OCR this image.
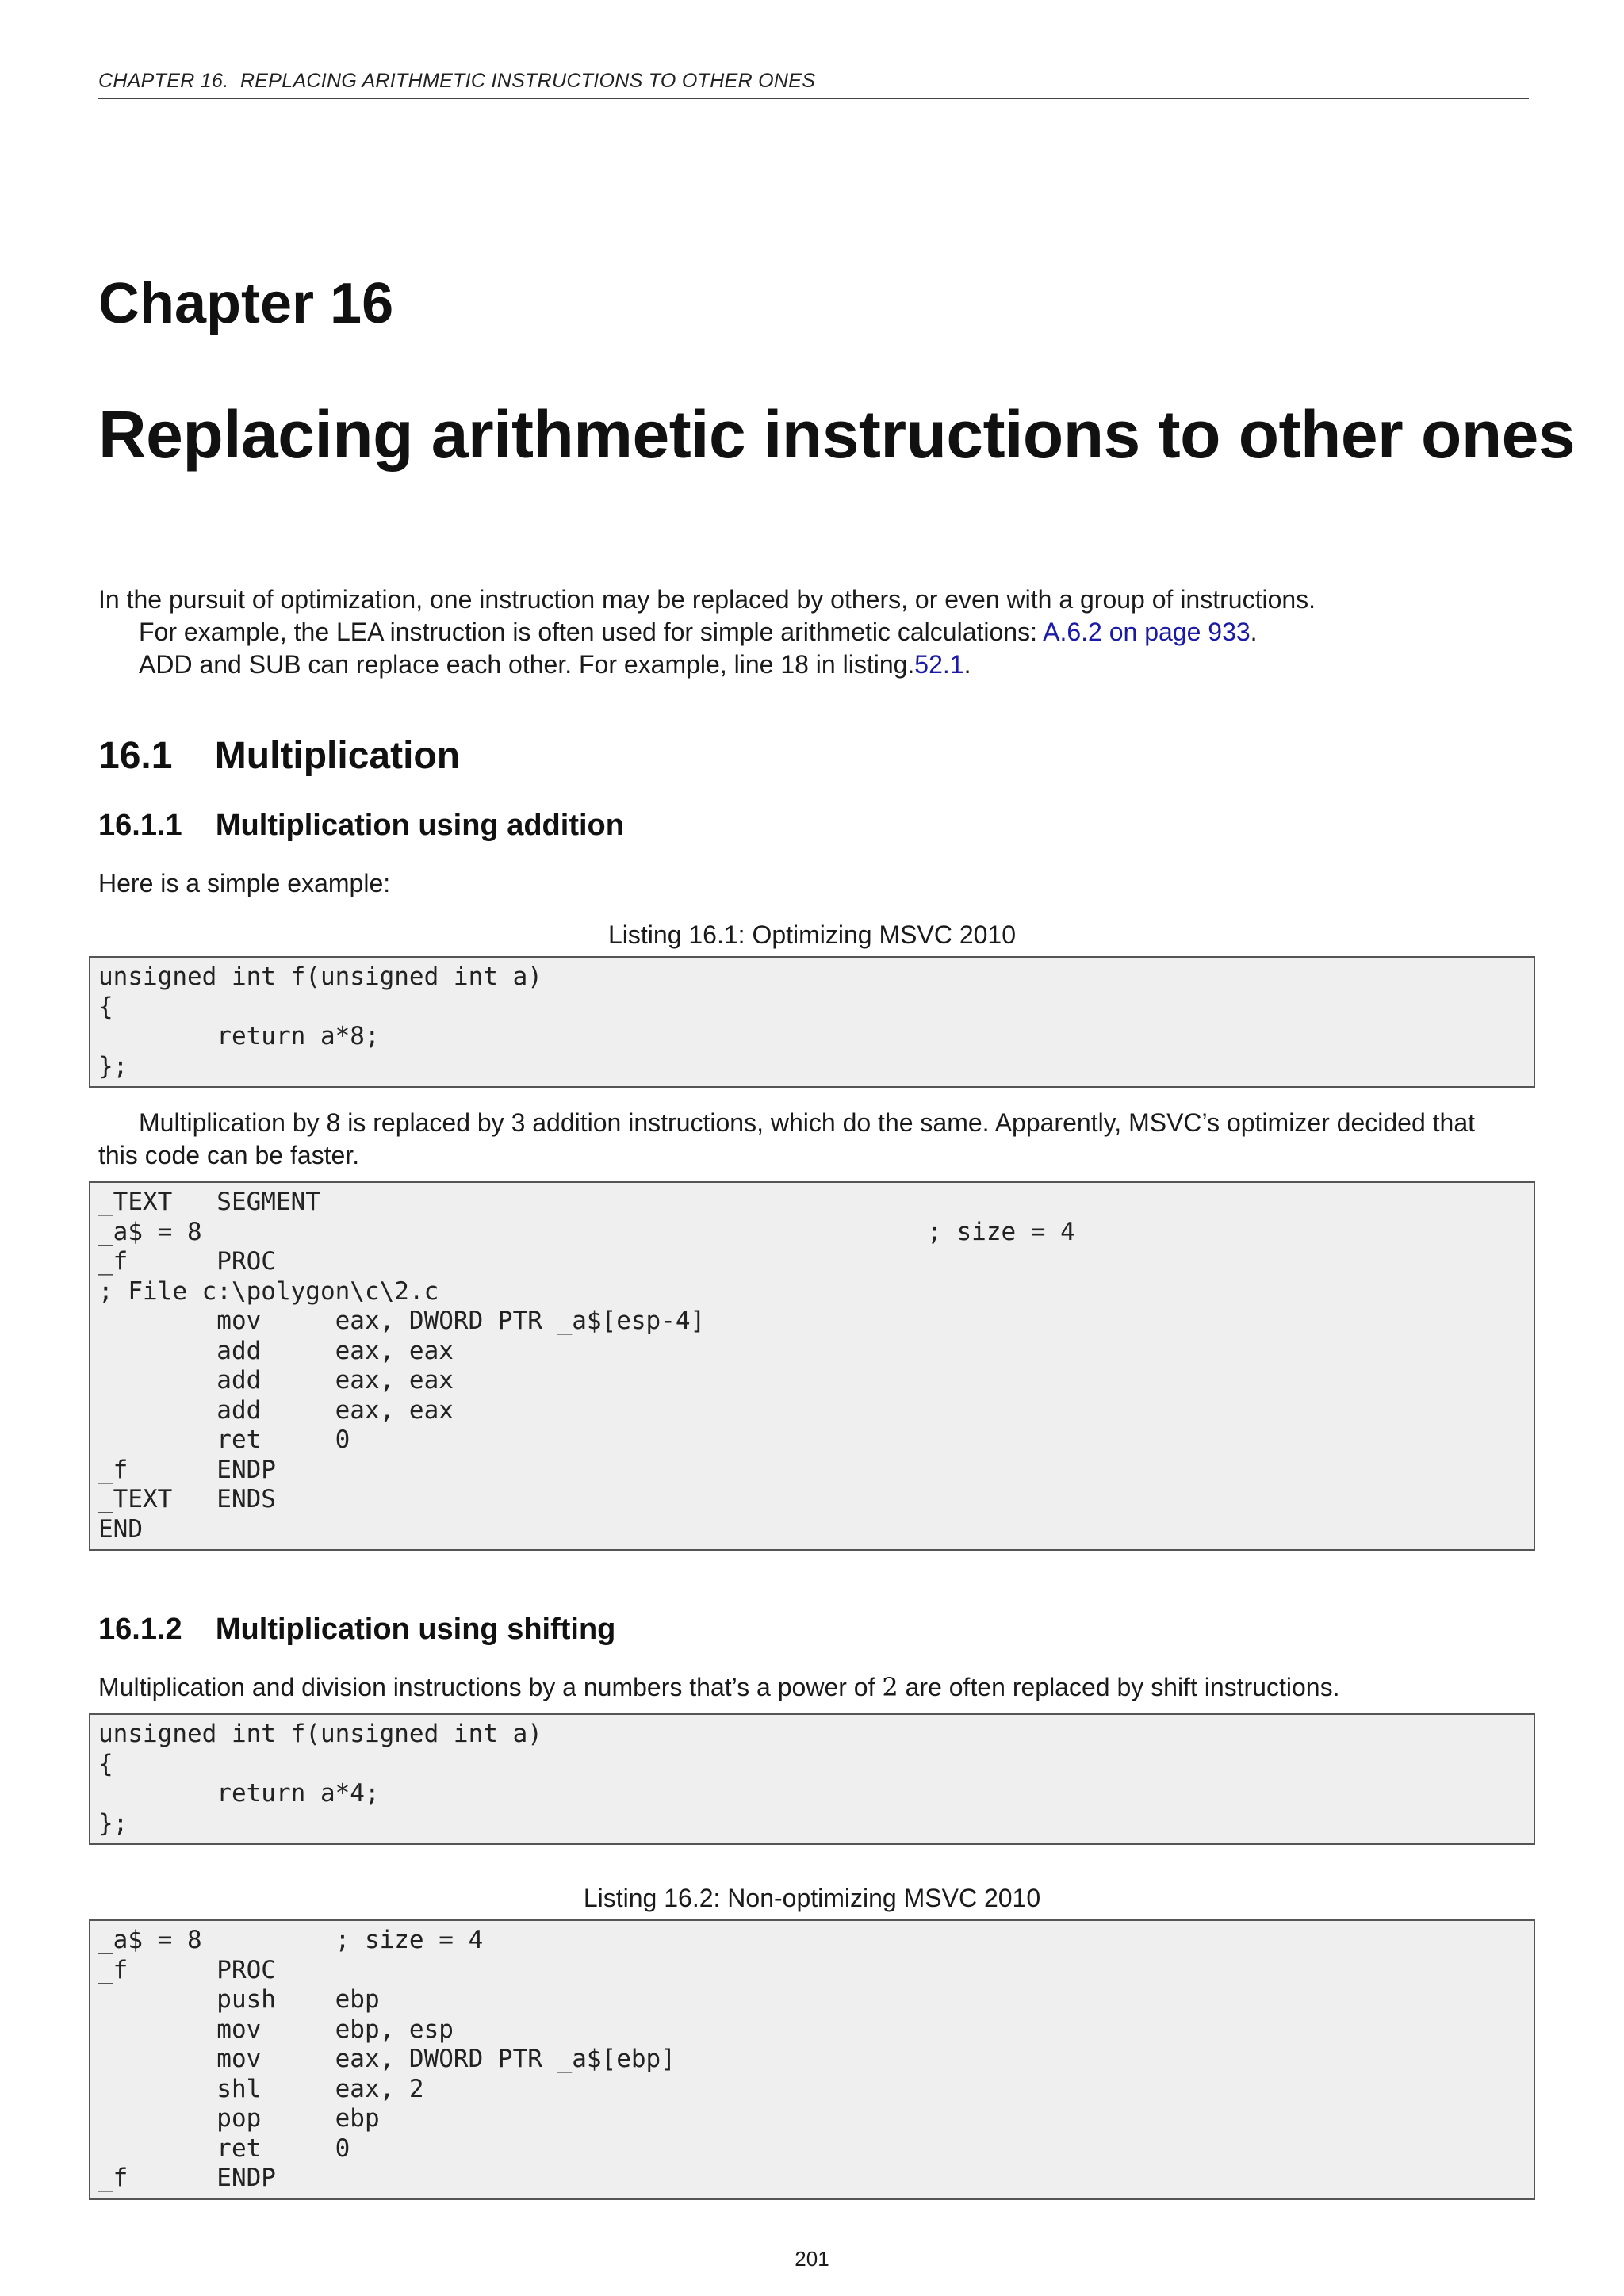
CHAPTER 16.  REPLACING ARITHMETIC INSTRUCTIONS TO OTHER ONES
Chapter 16
Replacing arithmetic instructions to other ones
In the pursuit of optimization, one instruction may be replaced by others, or even with a group of instructions.
For example, the LEA instruction is often used for simple arithmetic calculations: A.6.2 on page 933.
ADD and SUB can replace each other. For example, line 18 in listing.52.1.
16.1 Multiplication
16.1.1 Multiplication using addition
Here is a simple example:
Listing 16.1: Optimizing MSVC 2010
unsigned int f(unsigned int a)
{
return a*8;
};
Multiplication by 8 is replaced by 3 addition instructions, which do the same. Apparently, MSVC’s optimizer decided that
this code can be faster.
_TEXT   SEGMENT
_a$ = 8                                                 ; size = 4
_f      PROC
; File c:\polygon\c\2.c
mov     eax, DWORD PTR _a$[esp-4]
add     eax, eax
add     eax, eax
add     eax, eax
ret     0
_f      ENDP
_TEXT   ENDS
END
16.1.2 Multiplication using shifting
Multiplication and division instructions by a numbers that’s a power of 2 are often replaced by shift instructions.
unsigned int f(unsigned int a)
{
return a*4;
};
Listing 16.2: Non-optimizing MSVC 2010
_a$ = 8         ; size = 4
_f      PROC
push    ebp
mov     ebp, esp
mov     eax, DWORD PTR _a$[ebp]
shl     eax, 2
pop     ebp
ret     0
_f      ENDP
201
